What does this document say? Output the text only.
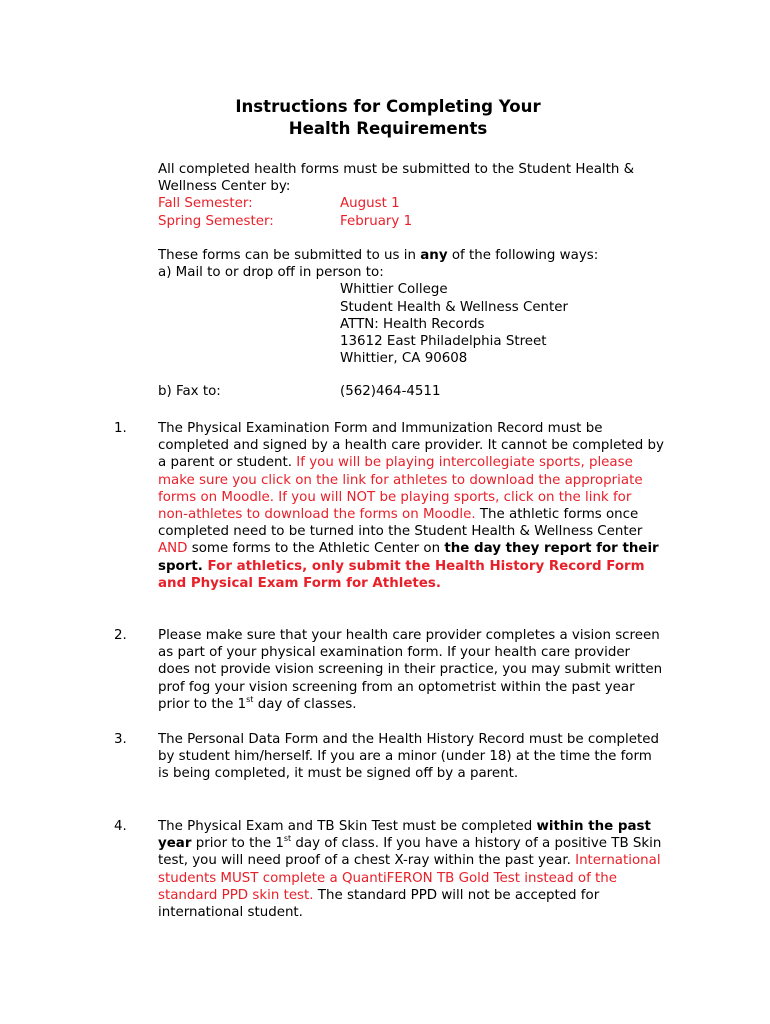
Instructions for Completing Your
Health Requirements
All completed health forms must be submitted to the Student Health & Wellness Center by:
Fall Semester:	August 1
Spring Semester:	February 1
These forms can be submitted to us in any of the following ways:
a) Mail to or drop off in person to:
Whittier College
Student Health & Wellness Center
ATTN: Health Records
13612 East Philadelphia Street
Whittier, CA 90608
b) Fax to:	(562)464-4511
1. The Physical Examination Form and Immunization Record must be completed and signed by a health care provider. It cannot be completed by a parent or student. If you will be playing intercollegiate sports, please make sure you click on the link for athletes to download the appropriate forms on Moodle. If you will NOT be playing sports, click on the link for non-athletes to download the forms on Moodle. The athletic forms once completed need to be turned into the Student Health & Wellness Center AND some forms to the Athletic Center on the day they report for their sport. For athletics, only submit the Health History Record Form and Physical Exam Form for Athletes.

2. Please make sure that your health care provider completes a vision screen as part of your physical examination form. If your health care provider does not provide vision screening in their practice, you may submit written prof fog your vision screening from an optometrist within the past year prior to the 1st day of classes.

3. The Personal Data Form and the Health History Record must be completed by student him/herself. If you are a minor (under 18) at the time the form is being completed, it must be signed off by a parent.

4. The Physical Exam and TB Skin Test must be completed within the past year prior to the 1st day of class. If you have a history of a positive TB Skin test, you will need proof of a chest X-ray within the past year. International students MUST complete a QuantiFERON TB Gold Test instead of the standard PPD skin test. The standard PPD will not be accepted for international student.
